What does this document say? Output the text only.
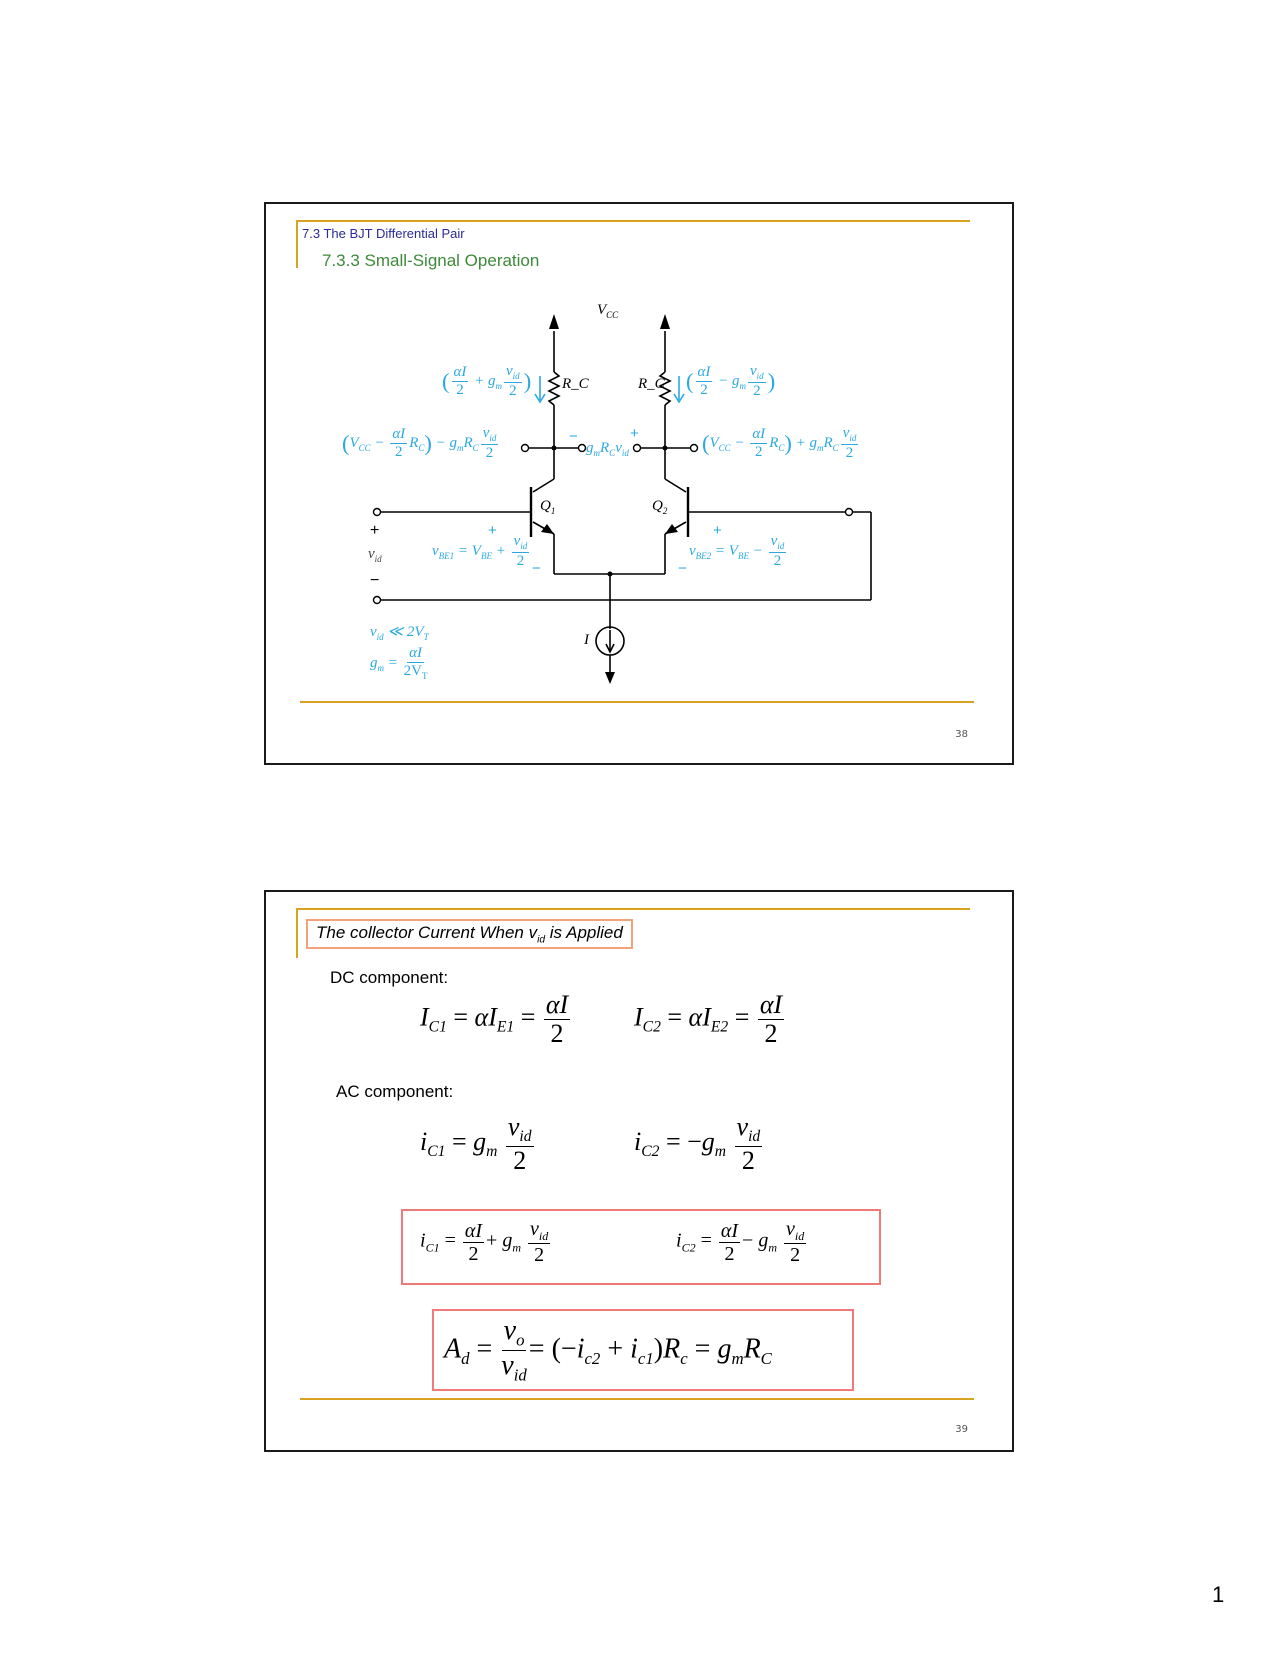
7.3 The BJT Differential Pair
7.3.3 Small-Signal Operation
$V_{CC}$
R_C	R_C
( $\frac{\alpha I}{2} + g_m \frac{v_{id}}{2}$ )	( $\frac{\alpha I}{2} - g_m \frac{v_{id}}{2}$ )
$(V_{CC} - \frac{\alpha I}{2} R_C) - g_mR_C \frac{v_{id}}{2}$	$(V_{CC} - \frac{\alpha I}{2} R_C) + g_mR_C \frac{v_{id}}{2}$
−	+
$g_mR_Cv_{id}$
$Q_1$	$Q_2$
+
$v_{BE1} = V_{BE} + \frac{v_{id}}{2}$ −
+
$v_{BE2} = V_{BE} - \frac{v_{id}}{2}$
−
+
$v_{id}$
−
I
$v_{id}$ ≪ $2V_T$
$g_m = \frac{\alpha I}{2V_T}$
38
The collector Current When $v_{id}$ is Applied
DC component:
$I_{C1} = \alpha I_{E1} = \frac{\alpha I}{2} I_{C2} = \alpha I_{E2} = \frac{\alpha I}{2}$
AC component:
$i_{C1} = g_m \frac{v_{id}}{2}$	$i_{C2} = -g_m \frac{v_{id}}{2}$
$i_{C1} = \frac{\alpha I}{2} + g_m \frac{v_{id}}{2}$	$i_{C2} = \frac{\alpha I}{2} - g_m \frac{v_{id}}{2}$
$A_d = \frac{v_o}{v_{id}} = (-i_{c2} + i_{c1})R_c = g_mR_C$
39
1
